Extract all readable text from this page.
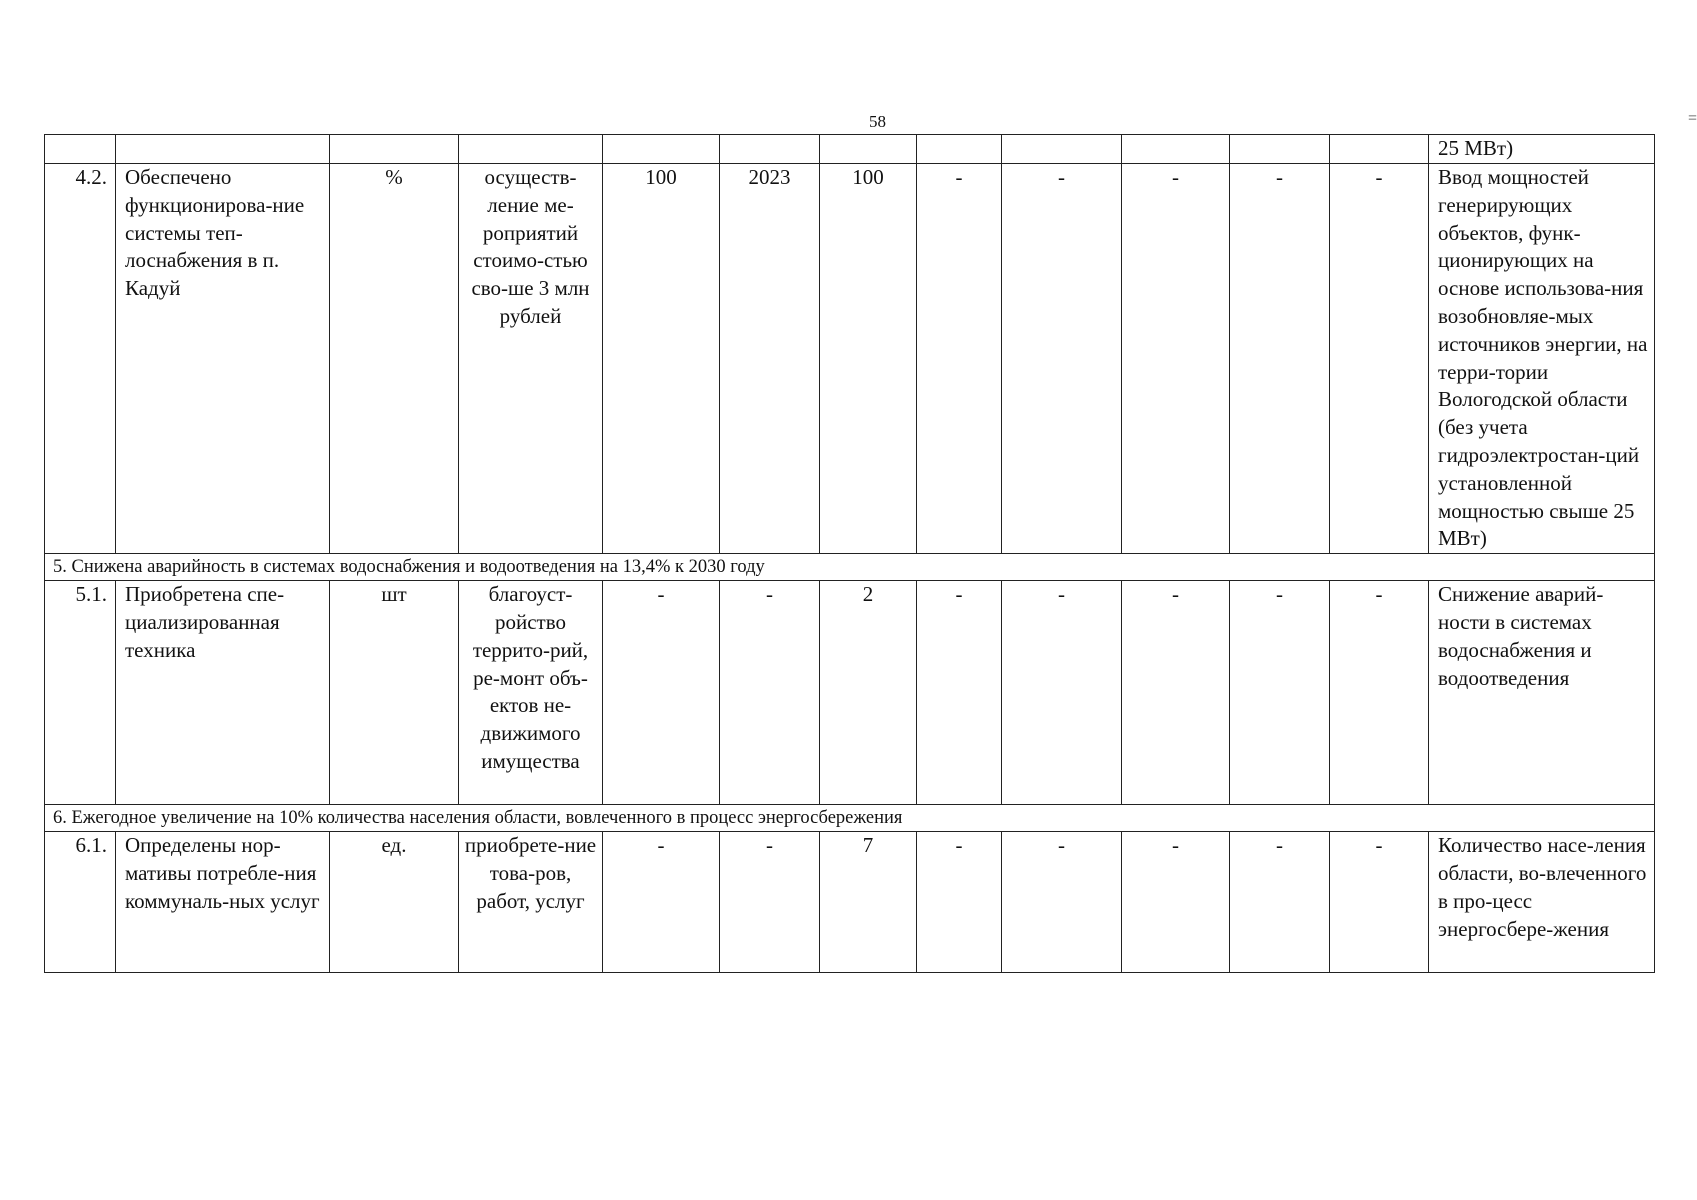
58	=
												25 МВт)
4.2.	Обеспечено функционирова-ние системы теп-лоснабжения в п. Кадуй	%	осуществ-ление ме-роприятий стоимо-стью сво-ше 3 млн рублей	100	2023	100	-	-	-	-	-	Ввод мощностей генерирующих объектов, функ-ционирующих на основе использова-ния возобновляе-мых источников энергии, на терри-тории Вологодской области (без учета гидроэлектростан-ций установленной мощностью свыше 25 МВт)
5. Снижена аварийность в системах водоснабжения и водоотведения на 13,4% к 2030 году												
5.1.	Приобретена спе-циализированная техника	шт	благоуст-ройство террито-рий, ре-монт объ-ектов не-движимого имущества	-	-	2	-	-	-	-	-	Снижение аварий-ности в системах водоснабжения и водоотведения
6. Ежегодное увеличение на 10% количества населения области, вовлеченного в процесс энергосбережения												
6.1.	Определены нор-мативы потребле-ния коммуналь-ных услуг	ед.	приобрете-ние това-ров, работ, услуг	-	-	7	-	-	-	-	-	Количество насе-ления области, во-влеченного в про-цесс энергосбере-жения
